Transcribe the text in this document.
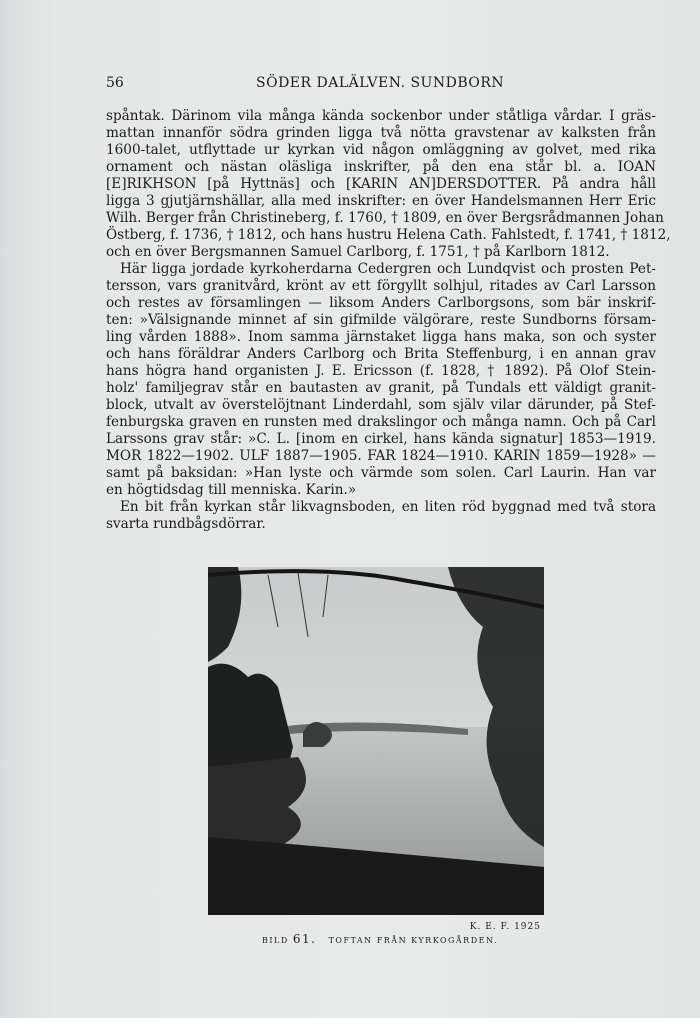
56	SÖDER DALÄLVEN. SUNDBORN
spåntak. Därinom vila många kända sockenbor under ståtliga vårdar. I gräs-
mattan innanför södra grinden ligga två nötta gravstenar av kalksten från
1600-talet, utflyttade ur kyrkan vid någon omläggning av golvet, med rika
ornament och nästan oläsliga inskrifter, på den ena står bl. a. IOAN
[E]RIKHSON [på Hyttnäs] och [KARIN AN]DERSDOTTER. På andra håll
ligga 3 gjutjärnshällar, alla med inskrifter: en över Handelsmannen Herr Eric
Wilh. Berger från Christineberg, f. 1760, † 1809, en över Bergsrådmannen Johan
Östberg, f. 1736, † 1812, och hans hustru Helena Cath. Fahlstedt, f. 1741, † 1812,
och en över Bergsmannen Samuel Carlborg, f. 1751, † på Karlborn 1812.
Här ligga jordade kyrkoherdarna Cedergren och Lundqvist och prosten Pet-
tersson, vars granitvård, krönt av ett förgyllt solhjul, ritades av Carl Larsson
och restes av församlingen — liksom Anders Carlborgsons, som bär inskrif-
ten: »Välsignande minnet af sin gifmilde välgörare, reste Sundborns försam-
ling vården 1888». Inom samma järnstaket ligga hans maka, son och syster
och hans föräldrar Anders Carlborg och Brita Steffenburg, i en annan grav
hans högra hand organisten J. E. Ericsson (f. 1828, † 1892). På Olof Stein-
holz' familjegrav står en bautasten av granit, på Tundals ett väldigt granit-
block, utvalt av överstelöjtnant Linderdahl, som själv vilar därunder, på Stef-
fenburgska graven en runsten med drakslingor och många namn. Och på Carl
Larssons grav står: »C. L. [inom en cirkel, hans kända signatur] 1853—1919.
MOR 1822—1902. ULF 1887—1905. FAR 1824—1910. KARIN 1859—1928» —
samt på baksidan: »Han lyste och värmde som solen. Carl Laurin. Han var
en högtidsdag till menniska. Karin.»
En bit från kyrkan står likvagnsboden, en liten röd byggnad med två stora
svarta rundbågsdörrar.
K. E. F. 1925
BILD 61. TOFTAN FRÅN KYRKOGÅRDEN.
